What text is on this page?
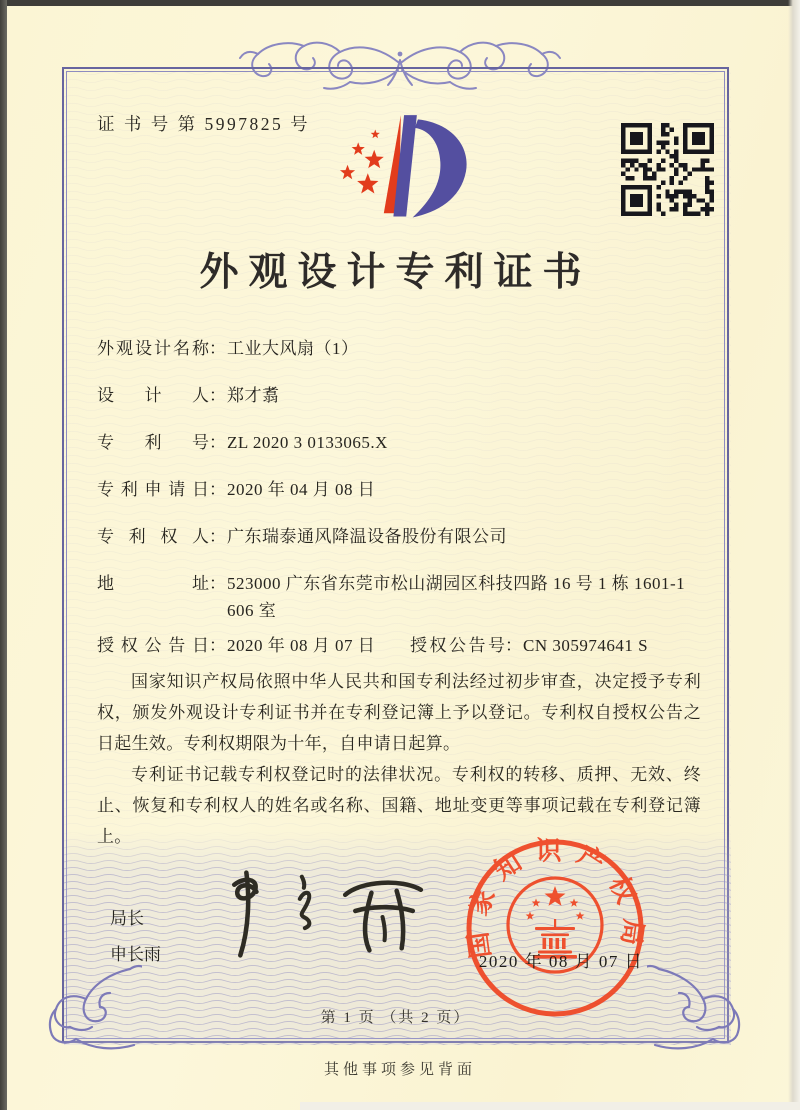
证 书 号 第 5997825 号
外观设计专利证书
外观设计名称：工业大风扇（1）
设计人：郑才翥
专利号：ZL 2020 3 0133065.X
专利申请日：2020 年 04 月 08 日
专利权人：广东瑞泰通风降温设备股份有限公司
地址：523000 广东省东莞市松山湖园区科技四路 16 号 1 栋 1601-1
606 室
授权公告日：2020 年 08 月 07 日 授权公告号：CN 305974641 S

国家知识产权局依照中华人民共和国专利法经过初步审查，决定授予专利权，颁发外观设计专利证书并在专利登记簿上予以登记。专利权自授权公告之日起生效。专利权期限为十年，自申请日起算。

专利证书记载专利权登记时的法律状况。专利权的转移、质押、无效、终止、恢复和专利权人的姓名或名称、国籍、地址变更等事项记载在专利登记簿上。

局长
申长雨	国家知识产权局
2020 年 08 月 07 日
第 1 页 （共 2 页）
其他事项参见背面
